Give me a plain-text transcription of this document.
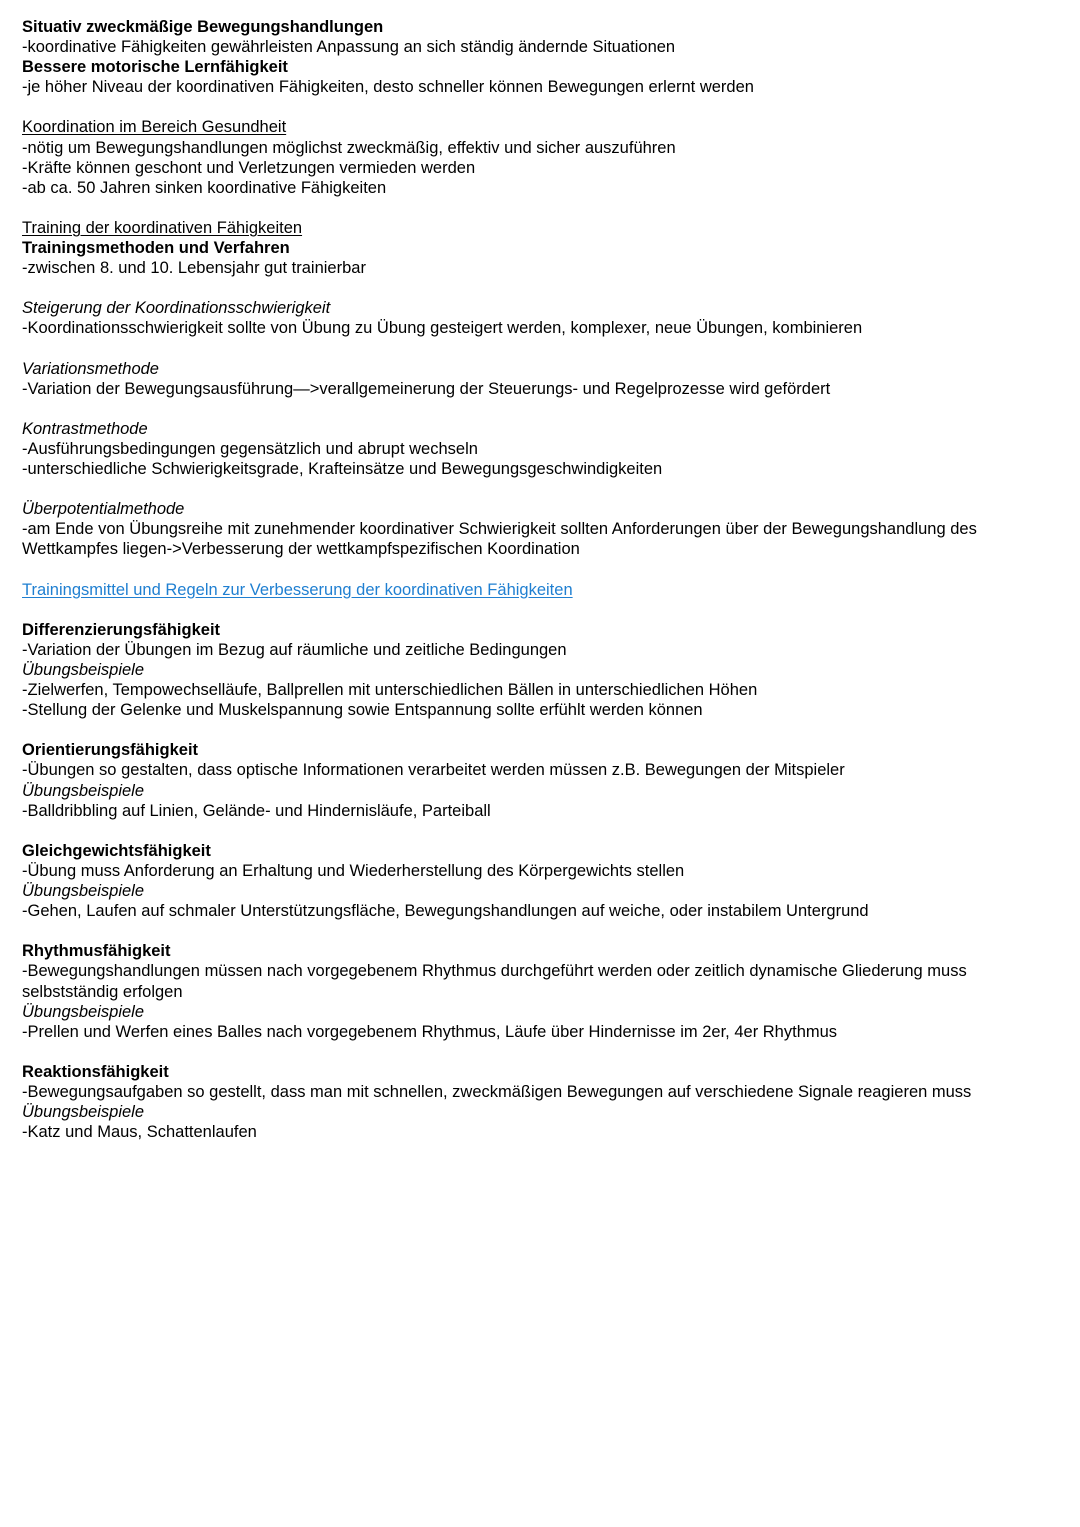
Situativ zweckmäßige Bewegungshandlungen
-koordinative Fähigkeiten gewährleisten Anpassung an sich ständig ändernde Situationen
Bessere motorische Lernfähigkeit
-je höher Niveau der koordinativen Fähigkeiten, desto schneller können Bewegungen erlernt werden
Koordination im Bereich Gesundheit
-nötig um Bewegungshandlungen möglichst zweckmäßig, effektiv und sicher auszuführen
-Kräfte können geschont und Verletzungen vermieden werden
-ab ca. 50 Jahren sinken koordinative Fähigkeiten
Training der koordinativen Fähigkeiten
Trainingsmethoden und Verfahren
-zwischen 8. und 10. Lebensjahr gut trainierbar
Steigerung der Koordinationsschwierigkeit
-Koordinationsschwierigkeit sollte von Übung zu Übung gesteigert werden, komplexer, neue Übungen, kombinieren
Variationsmethode
-Variation der Bewegungsausführung—>verallgemeinerung der Steuerungs- und Regelprozesse wird gefördert
Kontrastmethode
-Ausführungsbedingungen gegensätzlich und abrupt wechseln
-unterschiedliche Schwierigkeitsgrade, Krafteinsätze und Bewegungsgeschwindigkeiten
Überpotentialmethode
-am Ende von Übungsreihe mit zunehmender koordinativer Schwierigkeit sollten Anforderungen über der Bewegungshandlung des
Wettkampfes liegen->Verbesserung der wettkampfspezifischen Koordination
Trainingsmittel und Regeln zur Verbesserung der koordinativen Fähigkeiten
Differenzierungsfähigkeit
-Variation der Übungen im Bezug auf räumliche und zeitliche Bedingungen
Übungsbeispiele
-Zielwerfen, Tempowechselläufe, Ballprellen mit unterschiedlichen Bällen in unterschiedlichen Höhen
-Stellung der Gelenke und Muskelspannung sowie Entspannung sollte erfühlt werden können
Orientierungsfähigkeit
-Übungen so gestalten, dass optische Informationen verarbeitet werden müssen z.B. Bewegungen der Mitspieler
Übungsbeispiele
-Balldribbling auf Linien, Gelände- und Hindernisläufe, Parteiball
Gleichgewichtsfähigkeit
-Übung muss Anforderung an Erhaltung und Wiederherstellung des Körpergewichts stellen
Übungsbeispiele
-Gehen, Laufen auf schmaler Unterstützungsfläche, Bewegungshandlungen auf weiche, oder instabilem Untergrund
Rhythmusfähigkeit
-Bewegungshandlungen müssen nach vorgegebenem Rhythmus durchgeführt werden oder zeitlich dynamische Gliederung muss
selbstständig erfolgen
Übungsbeispiele
-Prellen und Werfen eines Balles nach vorgegebenem Rhythmus, Läufe über Hindernisse im 2er, 4er Rhythmus
Reaktionsfähigkeit
-Bewegungsaufgaben so gestellt, dass man mit schnellen, zweckmäßigen Bewegungen auf verschiedene Signale reagieren muss
Übungsbeispiele
-Katz und Maus, Schattenlaufen
